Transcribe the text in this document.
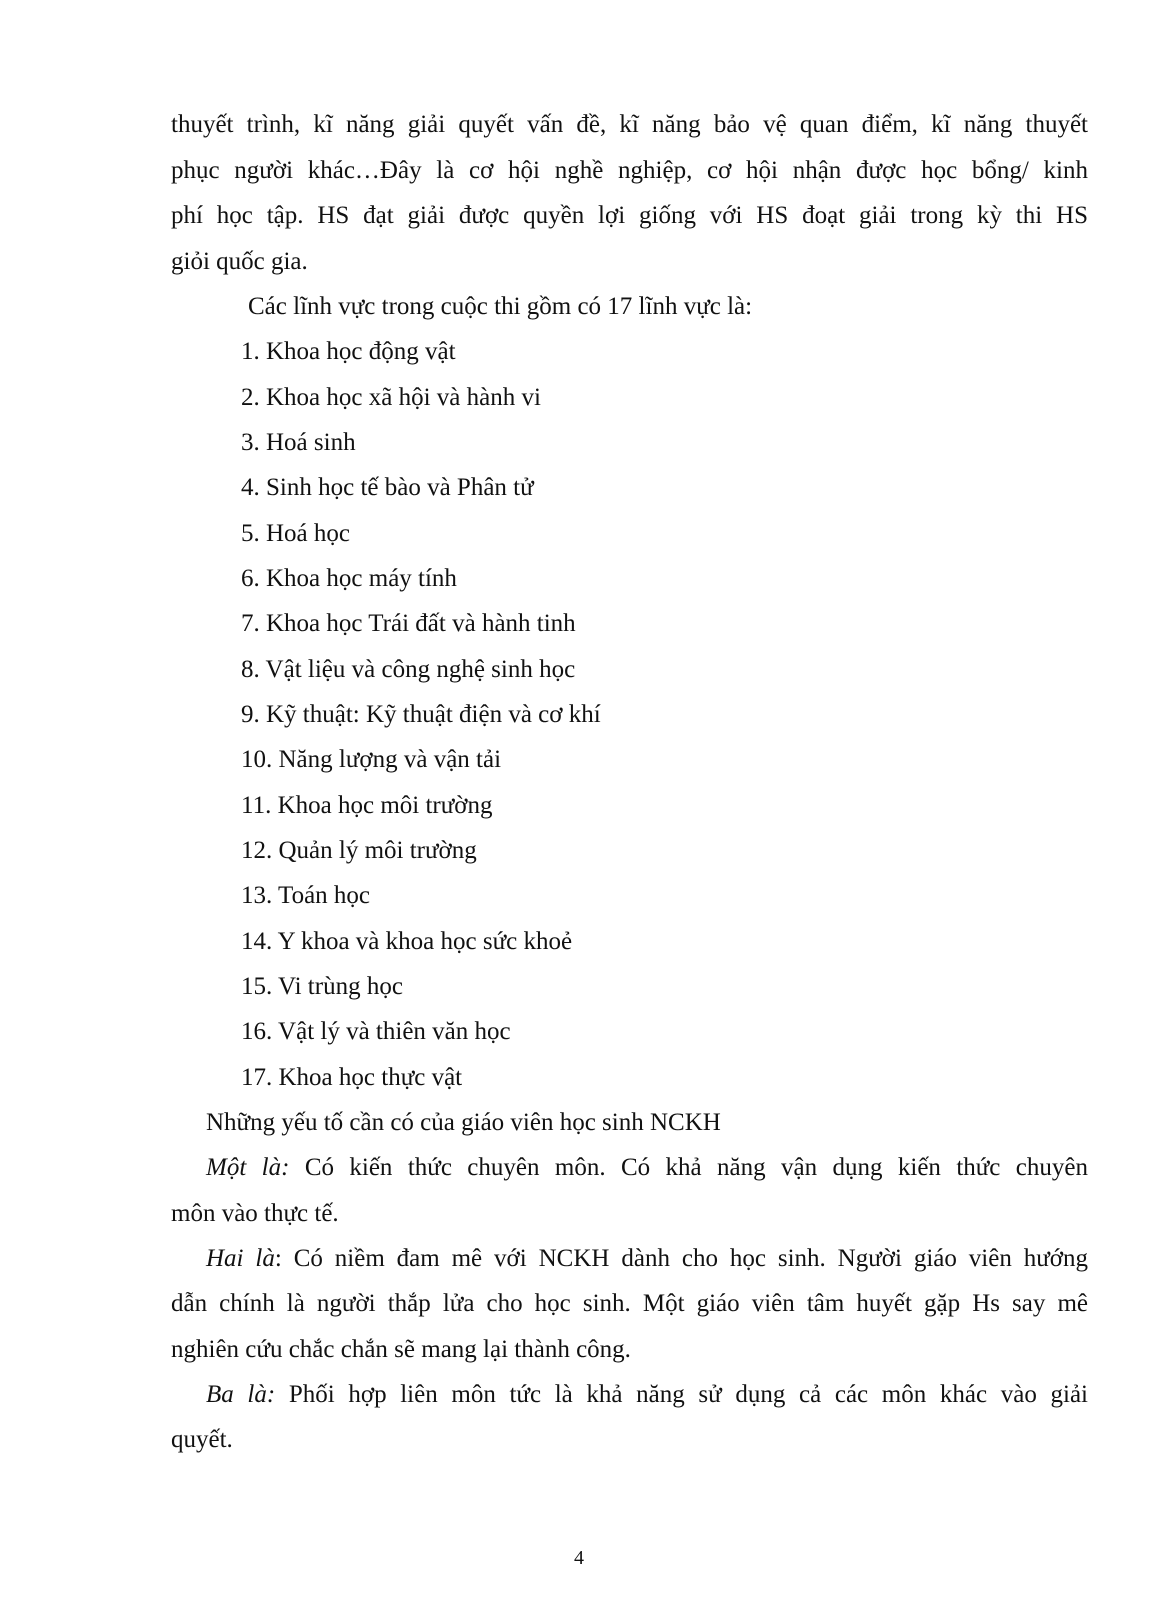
thuyết trình, kĩ năng giải quyết vấn đề, kĩ năng bảo vệ quan điểm, kĩ năng thuyết
phục người khác…Đây là cơ hội nghề nghiệp, cơ hội nhận được học bổng/ kinh
phí học tập. HS đạt giải được quyền lợi giống với HS đoạt giải trong kỳ thi HS
giỏi quốc gia.
Các lĩnh vực trong cuộc thi gồm có 17 lĩnh vực là:
1. Khoa học động vật
2. Khoa học xã hội và hành vi
3. Hoá sinh
4. Sinh học tế bào và Phân tử
5. Hoá học
6. Khoa học máy tính
7. Khoa học Trái đất và hành tinh
8. Vật liệu và công nghệ sinh học
9. Kỹ thuật: Kỹ thuật điện và cơ khí
10. Năng lượng và vận tải
11. Khoa học môi trường
12. Quản lý môi trường
13. Toán học
14. Y khoa và khoa học sức khoẻ
15. Vi trùng học
16. Vật lý và thiên văn học
17. Khoa học thực vật
Những yếu tố cần có của giáo viên học sinh NCKH
Một là: Có kiến thức chuyên môn. Có khả năng vận dụng kiến thức chuyên
môn vào thực tế.
Hai là: Có niềm đam mê với NCKH dành cho học sinh. Người giáo viên hướng
dẫn chính là người thắp lửa cho học sinh. Một giáo viên tâm huyết gặp Hs say mê
nghiên cứu chắc chắn sẽ mang lại thành công.
Ba là: Phối hợp liên môn tức là khả năng sử dụng cả các môn khác vào giải
quyết.
4
